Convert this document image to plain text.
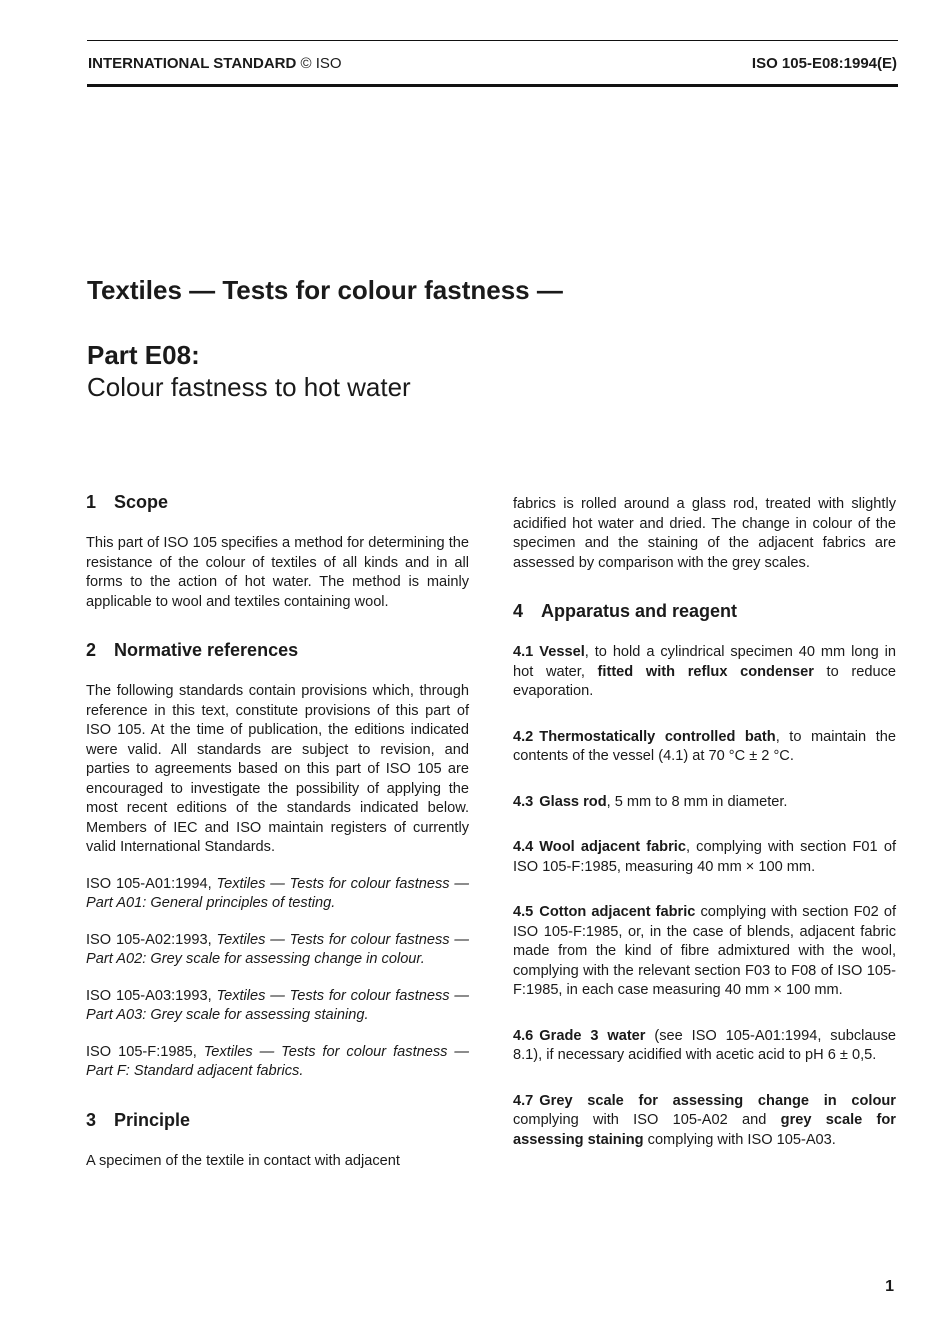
INTERNATIONAL STANDARD © ISO	ISO 105-E08:1994(E)
Textiles — Tests for colour fastness —
Part E08:
Colour fastness to hot water
1 Scope

This part of ISO 105 specifies a method for determining the resistance of the colour of textiles of all kinds and in all forms to the action of hot water. The method is mainly applicable to wool and textiles containing wool.

2 Normative references

The following standards contain provisions which, through reference in this text, constitute provisions of this part of ISO 105. At the time of publication, the editions indicated were valid. All standards are subject to revision, and parties to agreements based on this part of ISO 105 are encouraged to investigate the possibility of applying the most recent editions of the standards indicated below. Members of IEC and ISO maintain registers of currently valid International Standards.

ISO 105-A01:1994, Textiles — Tests for colour fastness — Part A01: General principles of testing.

ISO 105-A02:1993, Textiles — Tests for colour fastness — Part A02: Grey scale for assessing change in colour.

ISO 105-A03:1993, Textiles — Tests for colour fastness — Part A03: Grey scale for assessing staining.

ISO 105-F:1985, Textiles — Tests for colour fastness — Part F: Standard adjacent fabrics.

3 Principle

A specimen of the textile in contact with adjacent

fabrics is rolled around a glass rod, treated with slightly acidified hot water and dried. The change in colour of the specimen and the staining of the adjacent fabrics are assessed by comparison with the grey scales.

4 Apparatus and reagent

4.1 Vessel, to hold a cylindrical specimen 40 mm long in hot water, fitted with reflux condenser to reduce evaporation.

4.2 Thermostatically controlled bath, to maintain the contents of the vessel (4.1) at 70 °C ± 2 °C.

4.3 Glass rod, 5 mm to 8 mm in diameter.

4.4 Wool adjacent fabric, complying with section F01 of ISO 105-F:1985, measuring 40 mm × 100 mm.

4.5 Cotton adjacent fabric complying with section F02 of ISO 105-F:1985, or, in the case of blends, adjacent fabric made from the kind of fibre admixtured with the wool, complying with the relevant section F03 to F08 of ISO 105-F:1985, in each case measuring 40 mm × 100 mm.

4.6 Grade 3 water (see ISO 105-A01:1994, subclause 8.1), if necessary acidified with acetic acid to pH 6 ± 0,5.

4.7 Grey scale for assessing change in colour complying with ISO 105-A02 and grey scale for assessing staining complying with ISO 105-A03.

1
